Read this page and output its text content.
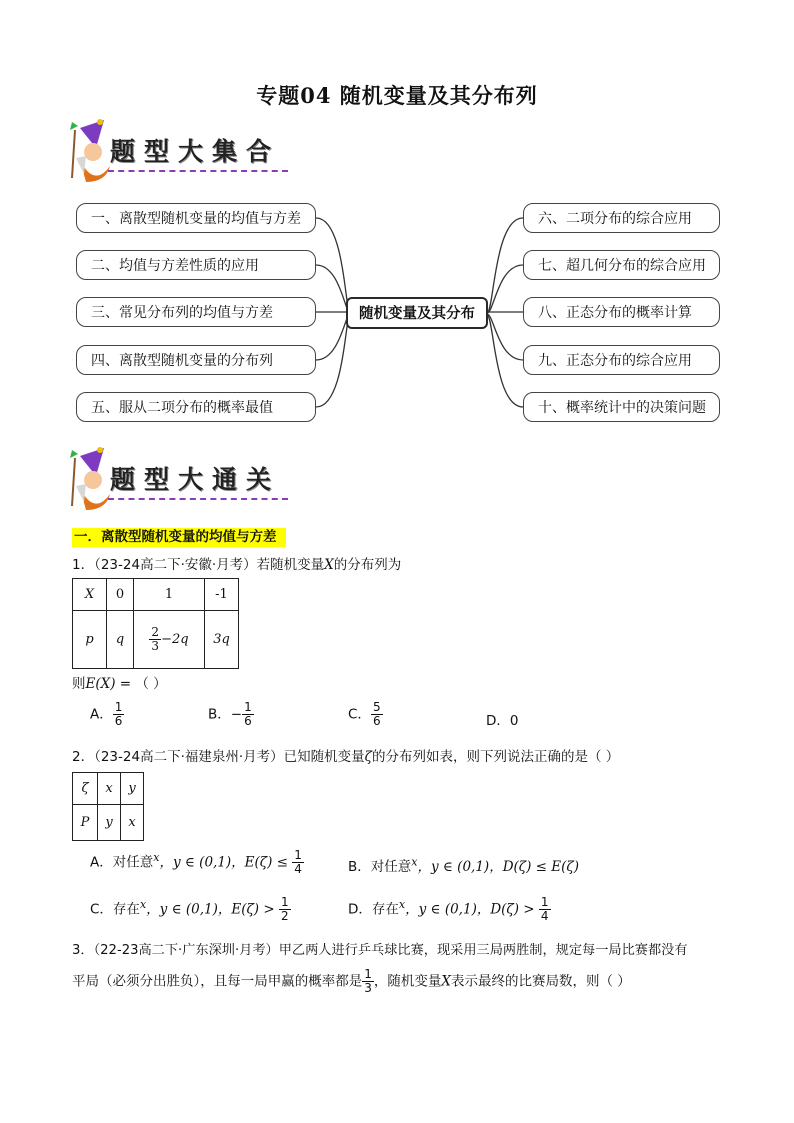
专题04 随机变量及其分布列
题型大集合
一、离散型随机变量的均值与方差
二、均值与方差性质的应用
三、常见分布列的均值与方差
四、离散型随机变量的分布列
五、服从二项分布的概率最值
随机变量及其分布
六、二项分布的综合应用
七、超几何分布的综合应用
八、正态分布的概率计算
九、正态分布的综合应用
十、概率统计中的决策问题
题型大通关
一．离散型随机变量的均值与方差
1．（23-24高二下·安徽·月考）若随机变量X的分布列为
X	0	1	-1
p	q	$\frac{2}{3} -2q$	3q
则E(X) = （ ）
A． $\frac{1}{6}$	B．− $\frac{1}{6}$	C． $\frac{5}{6}$	D．0
2．（23-24高二下·福建泉州·月考）已知随机变量ζ的分布列如表，则下列说法正确的是（ ）
ζ	x	y
P	y	x
A．对任意$^x$，y ∈ (0,1)，$E(\zeta) \le \frac{1}{4}$	B．对任意$^x$，y ∈ (0,1)，D(ζ) ≤ E(ζ)
C．存在$^x$，y ∈ (0,1)，$E(\zeta) > \frac{1}{2}$	D．存在$^x$，y ∈ (0,1)，$D(\zeta) > \frac{1}{4}$
3．（22-23高二下·广东深圳·月考）甲乙两人进行乒乓球比赛，现采用三局两胜制，规定每一局比赛都没有
平局（必须分出胜负），且每一局甲赢的概率都是 $\frac{1}{3}$ ，随机变量X表示最终的比赛局数，则（ ）
